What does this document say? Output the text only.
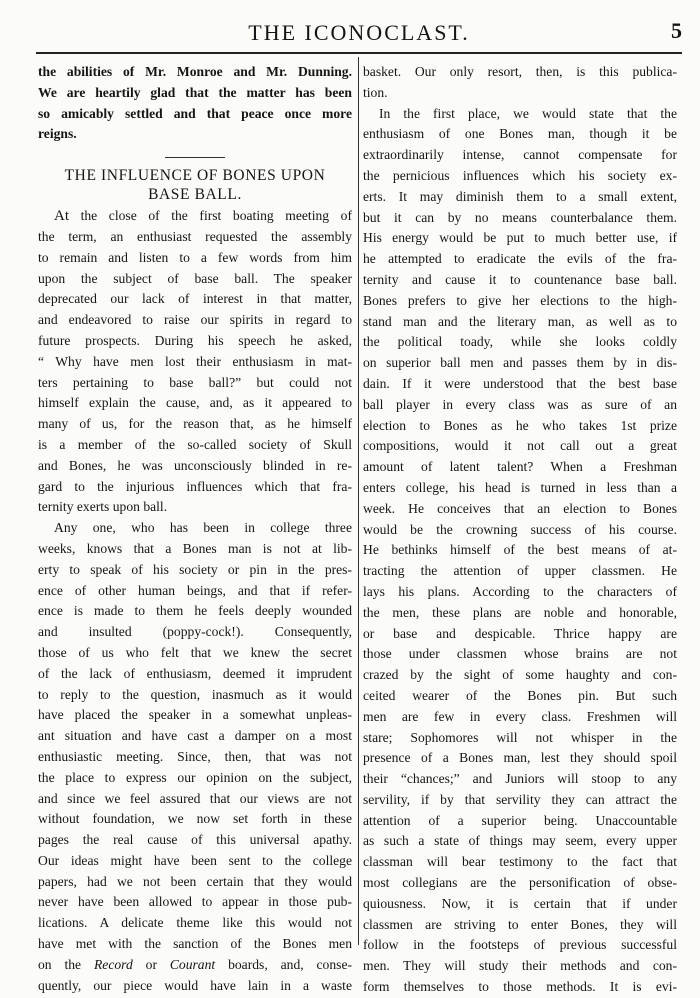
THE ICONOCLAST.	5
the abilities of Mr. Monroe and Mr. Dunning.
We are heartily glad that the matter has been
so amicably settled and that peace once more
reigns.
THE INFLUENCE OF BONES UPON
BASE BALL.
At the close of the first boating meeting of
the term, an enthusiast requested the assembly
to remain and listen to a few words from him
upon the subject of base ball. The speaker
deprecated our lack of interest in that matter,
and endeavored to raise our spirits in regard to
future prospects. During his speech he asked,
“ Why have men lost their enthusiasm in mat-
ters pertaining to base ball?” but could not
himself explain the cause, and, as it appeared to
many of us, for the reason that, as he himself
is a member of the so-called society of Skull
and Bones, he was unconsciously blinded in re-
gard to the injurious influences which that fra-
ternity exerts upon ball.
Any one, who has been in college three
weeks, knows that a Bones man is not at lib-
erty to speak of his society or pin in the pres-
ence of other human beings, and that if refer-
ence is made to them he feels deeply wounded
and insulted (poppy-cock!). Consequently,
those of us who felt that we knew the secret
of the lack of enthusiasm, deemed it imprudent
to reply to the question, inasmuch as it would
have placed the speaker in a somewhat unpleas-
ant situation and have cast a damper on a most
enthusiastic meeting. Since, then, that was not
the place to express our opinion on the subject,
and since we feel assured that our views are not
without foundation, we now set forth in these
pages the real cause of this universal apathy.
Our ideas might have been sent to the college
papers, had we not been certain that they would
never have been allowed to appear in those pub-
lications. A delicate theme like this would not
have met with the sanction of the Bones men
on the Record or Courant boards, and, conse-
quently, our piece would have lain in a waste
basket. Our only resort, then, is this publica-
tion.
In the first place, we would state that the
enthusiasm of one Bones man, though it be
extraordinarily intense, cannot compensate for
the pernicious influences which his society ex-
erts. It may diminish them to a small extent,
but it can by no means counterbalance them.
His energy would be put to much better use, if
he attempted to eradicate the evils of the fra-
ternity and cause it to countenance base ball.
Bones prefers to give her elections to the high-
stand man and the literary man, as well as to
the political toady, while she looks coldly
on superior ball men and passes them by in dis-
dain. If it were understood that the best base
ball player in every class was as sure of an
election to Bones as he who takes 1st prize
compositions, would it not call out a great
amount of latent talent? When a Freshman
enters college, his head is turned in less than a
week. He conceives that an election to Bones
would be the crowning success of his course.
He bethinks himself of the best means of at-
tracting the attention of upper classmen. He
lays his plans. According to the characters of
the men, these plans are noble and honorable,
or base and despicable. Thrice happy are
those under classmen whose brains are not
crazed by the sight of some haughty and con-
ceited wearer of the Bones pin. But such
men are few in every class. Freshmen will
stare; Sophomores will not whisper in the
presence of a Bones man, lest they should spoil
their “chances;” and Juniors will stoop to any
servility, if by that servility they can attract the
attention of a superior being. Unaccountable
as such a state of things may seem, every upper
classman will bear testimony to the fact that
most collegians are the personification of obse-
quiousness. Now, it is certain that if under
classmen are striving to enter Bones, they will
follow in the footsteps of previous successful
men. They will study their methods and con-
form themselves to those methods. It is evi-
